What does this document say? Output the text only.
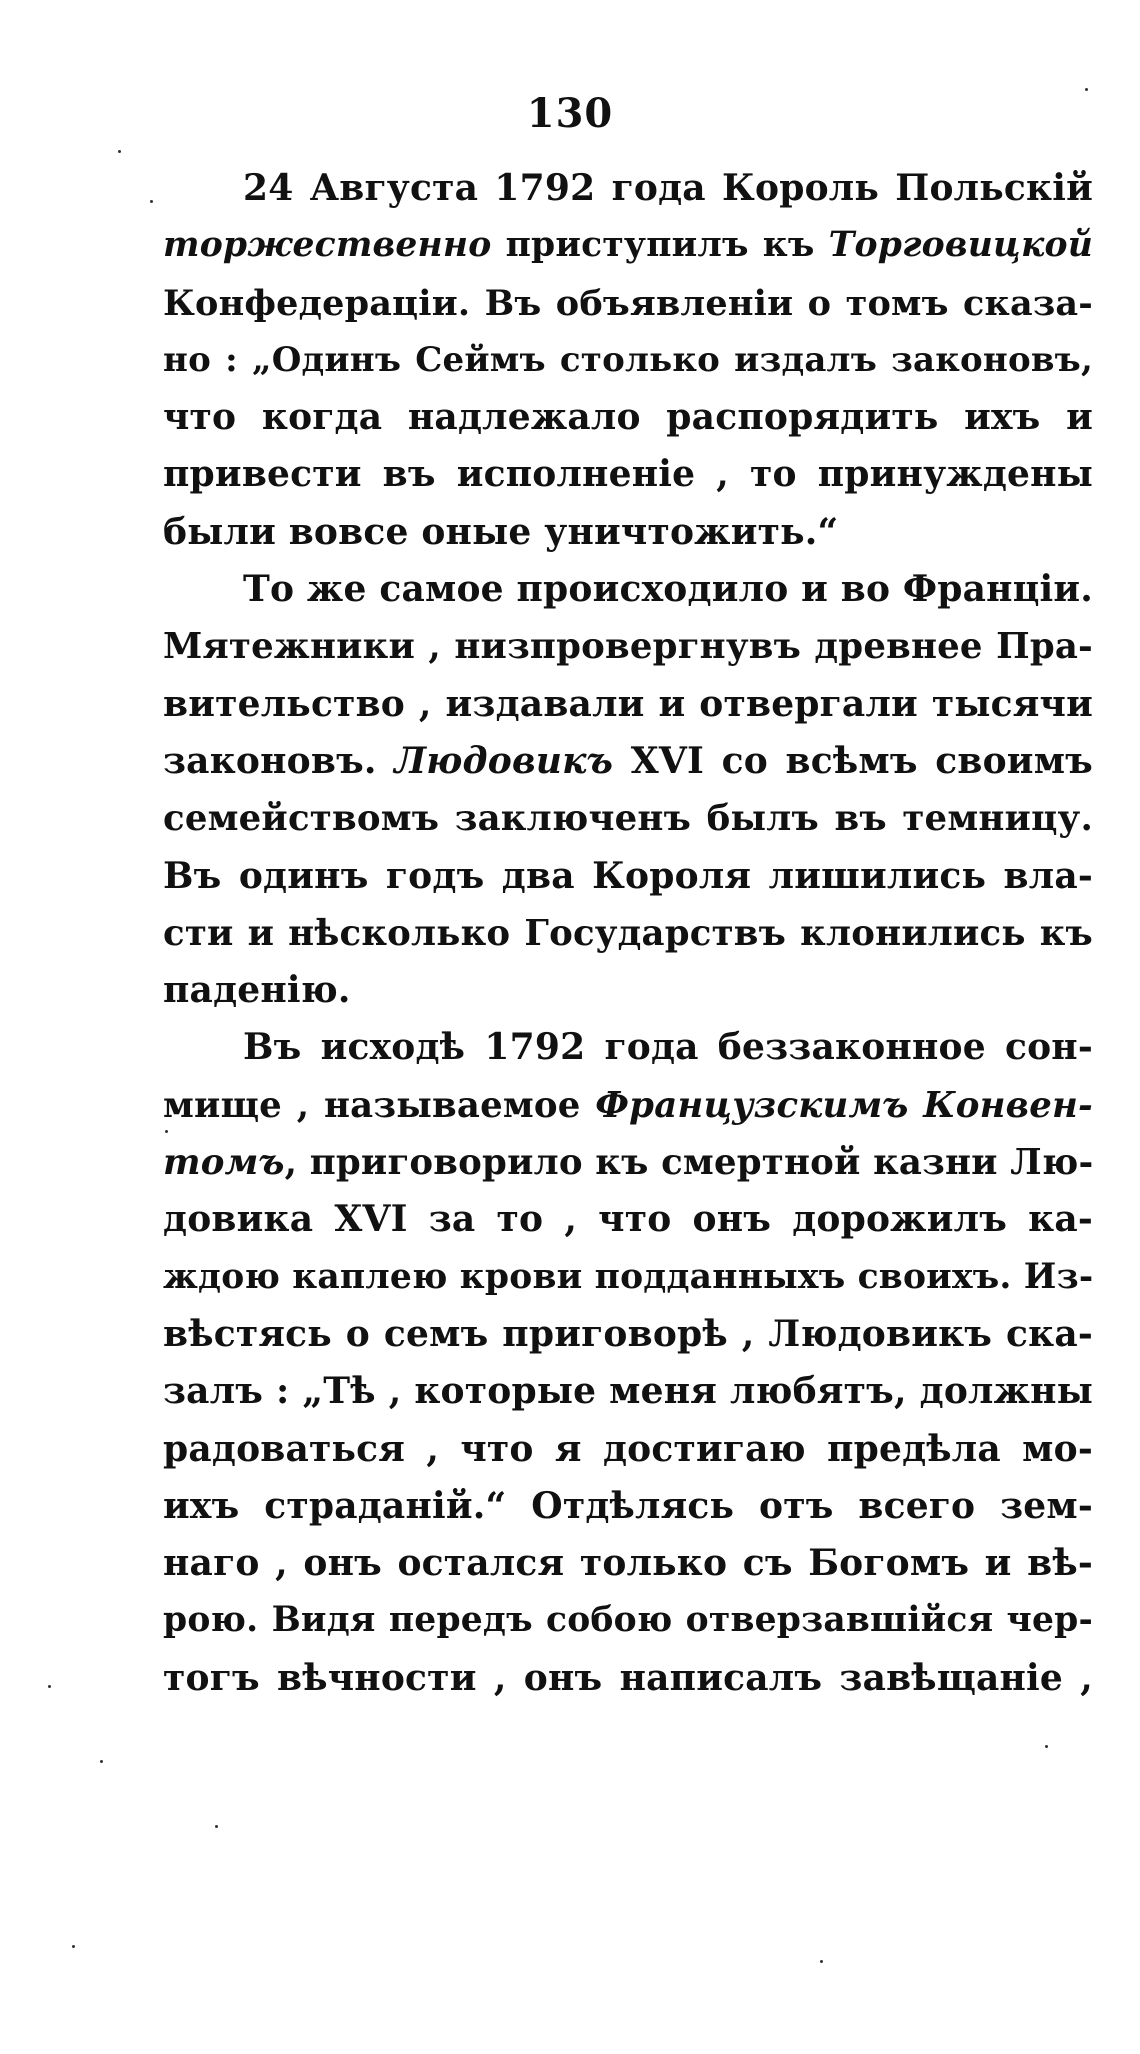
130
24 Августа 1792 года Король Польскій
торжественно приступилъ къ Торговицкой
Конфедераціи. Въ объявленіи о томъ сказа-
но : „Одинъ Сеймъ столько издалъ законовъ,
что когда надлежало распорядить ихъ и
привести въ исполненіе , то принуждены
были вовсе оные уничтожить.“
То же самое происходило и во Франціи.
Мятежники , низпровергнувъ древнее Пра-
вительство , издавали и отвергали тысячи
законовъ. Людовикъ XVI со всѣмъ своимъ
семействомъ заключенъ былъ въ темницу.
Въ одинъ годъ два Короля лишились вла-
сти и нѣсколько Государствъ клонились къ
паденію.
Въ исходѣ 1792 года беззаконное сон-
мище , называемое Французскимъ Конвен-
томъ, приговорило къ смертной казни Лю-
довика XVI за то , что онъ дорожилъ ка-
ждою каплею крови подданныхъ своихъ. Из-
вѣстясь о семъ приговорѣ , Людовикъ ска-
залъ : „Тѣ , которые меня любятъ, должны
радоваться , что я достигаю предѣла мо-
ихъ страданій.“ Отдѣлясь отъ всего зем-
наго , онъ остался только съ Богомъ и вѣ-
рою. Видя передъ собою отверзавшійся чер-
тогъ вѣчности , онъ написалъ завѣщаніе ,
